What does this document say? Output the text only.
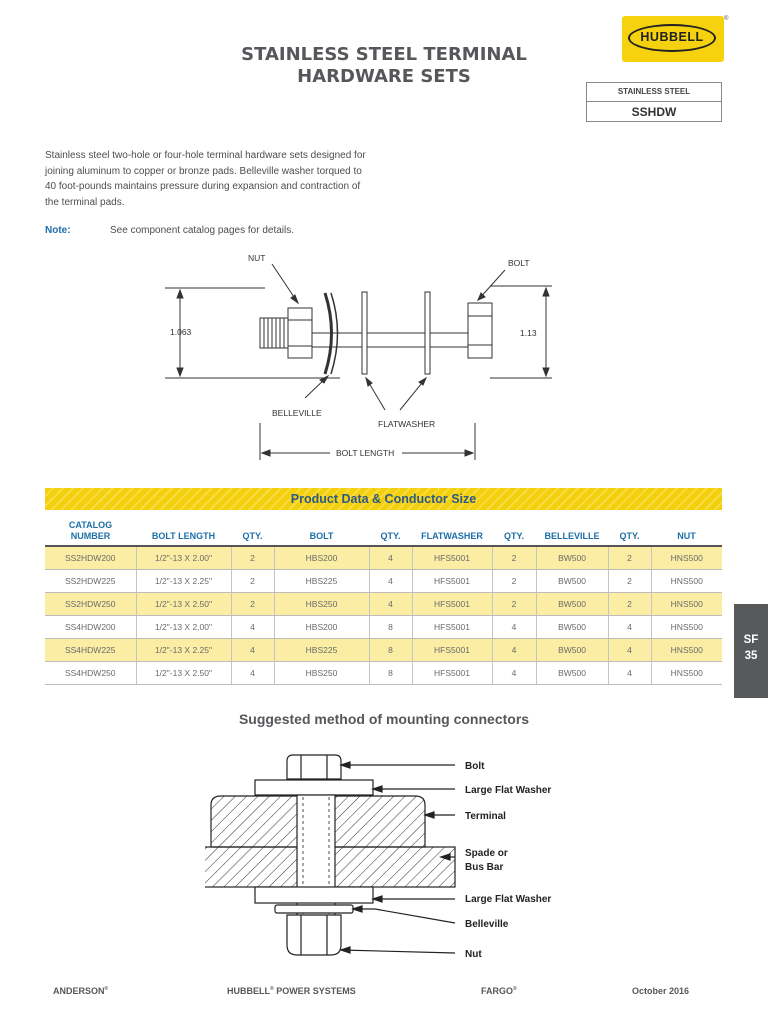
STAINLESS STEEL TERMINAL
HARDWARE SETS
HUBBELL
®
STAINLESS STEEL
SSHDW
Stainless steel two-hole or four-hole terminal hardware sets designed for joining aluminum to copper or bronze pads. Belleville washer torqued to 40 foot-pounds maintains pressure during expansion and contraction of the terminal pads.
Note:	See component catalog pages for details.
NUT	BOLT
1.063	1.13
BELLEVILLE
FLATWASHER
BOLT LENGTH
Product Data & Conductor Size
CATALOG
NUMBER	BOLT LENGTH	QTY.	BOLT	QTY.	FLATWASHER	QTY.	BELLEVILLE	QTY.	NUT
SS2HDW200	1/2"-13 X 2.00"	2	HBS200	4	HFS5001	2	BW500	2	HNS500
SS2HDW225	1/2"-13 X 2.25"	2	HBS225	4	HFS5001	2	BW500	2	HNS500
SS2HDW250	1/2"-13 X 2.50"	2	HBS250	4	HFS5001	2	BW500	2	HNS500
SS4HDW200	1/2"-13 X 2.00"	4	HBS200	8	HFS5001	4	BW500	4	HNS500
SS4HDW225	1/2"-13 X 2.25"	4	HBS225	8	HFS5001	4	BW500	4	HNS500
SS4HDW250	1/2"-13 X 2.50"	4	HBS250	8	HFS5001	4	BW500	4	HNS500
SF
35
Suggested method of mounting connectors
Bolt
Large Flat Washer
Terminal
Spade or
Bus Bar
Large Flat Washer
Belleville
Nut
ANDERSON®	HUBBELL® POWER SYSTEMS	FARGO®	October 2016
